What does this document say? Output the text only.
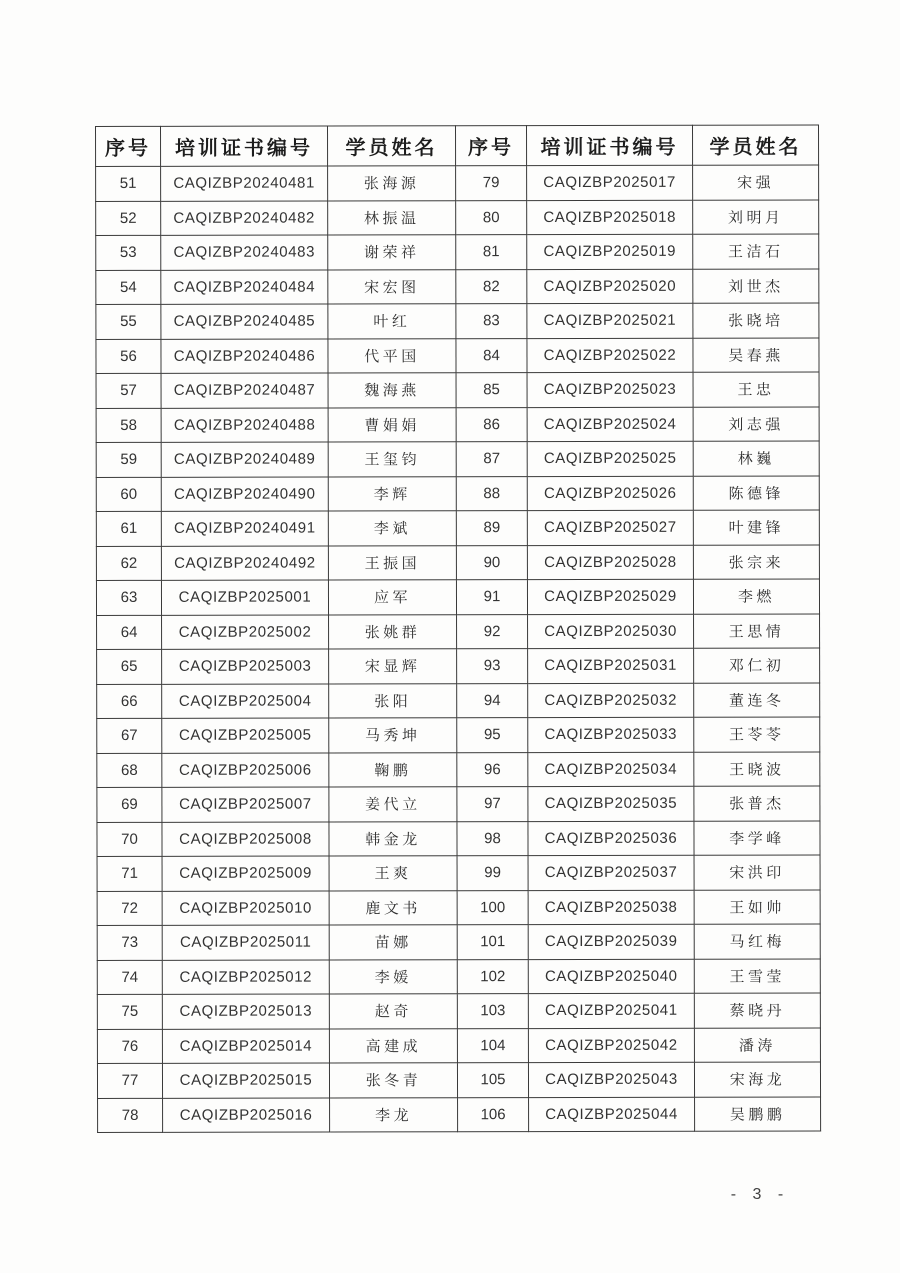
序号	培训证书编号	学员姓名	序号	培训证书编号	学员姓名
51	CAQIZBP20240481	张海源	79	CAQIZBP2025017	宋强
52	CAQIZBP20240482	林振温	80	CAQIZBP2025018	刘明月
53	CAQIZBP20240483	谢荣祥	81	CAQIZBP2025019	王洁石
54	CAQIZBP20240484	宋宏图	82	CAQIZBP2025020	刘世杰
55	CAQIZBP20240485	叶红	83	CAQIZBP2025021	张晓培
56	CAQIZBP20240486	代平国	84	CAQIZBP2025022	吴春燕
57	CAQIZBP20240487	魏海燕	85	CAQIZBP2025023	王忠
58	CAQIZBP20240488	曹娟娟	86	CAQIZBP2025024	刘志强
59	CAQIZBP20240489	王玺钧	87	CAQIZBP2025025	林巍
60	CAQIZBP20240490	李辉	88	CAQIZBP2025026	陈德锋
61	CAQIZBP20240491	李斌	89	CAQIZBP2025027	叶建锋
62	CAQIZBP20240492	王振国	90	CAQIZBP2025028	张宗来
63	CAQIZBP2025001	应军	91	CAQIZBP2025029	李燃
64	CAQIZBP2025002	张姚群	92	CAQIZBP2025030	王思情
65	CAQIZBP2025003	宋显辉	93	CAQIZBP2025031	邓仁初
66	CAQIZBP2025004	张阳	94	CAQIZBP2025032	董连冬
67	CAQIZBP2025005	马秀坤	95	CAQIZBP2025033	王苓苓
68	CAQIZBP2025006	鞠鹏	96	CAQIZBP2025034	王晓波
69	CAQIZBP2025007	姜代立	97	CAQIZBP2025035	张普杰
70	CAQIZBP2025008	韩金龙	98	CAQIZBP2025036	李学峰
71	CAQIZBP2025009	王爽	99	CAQIZBP2025037	宋洪印
72	CAQIZBP2025010	鹿文书	100	CAQIZBP2025038	王如帅
73	CAQIZBP2025011	苗娜	101	CAQIZBP2025039	马红梅
74	CAQIZBP2025012	李媛	102	CAQIZBP2025040	王雪莹
75	CAQIZBP2025013	赵奇	103	CAQIZBP2025041	蔡晓丹
76	CAQIZBP2025014	高建成	104	CAQIZBP2025042	潘涛
77	CAQIZBP2025015	张冬青	105	CAQIZBP2025043	宋海龙
78	CAQIZBP2025016	李龙	106	CAQIZBP2025044	吴鹏鹏
- 3 -
